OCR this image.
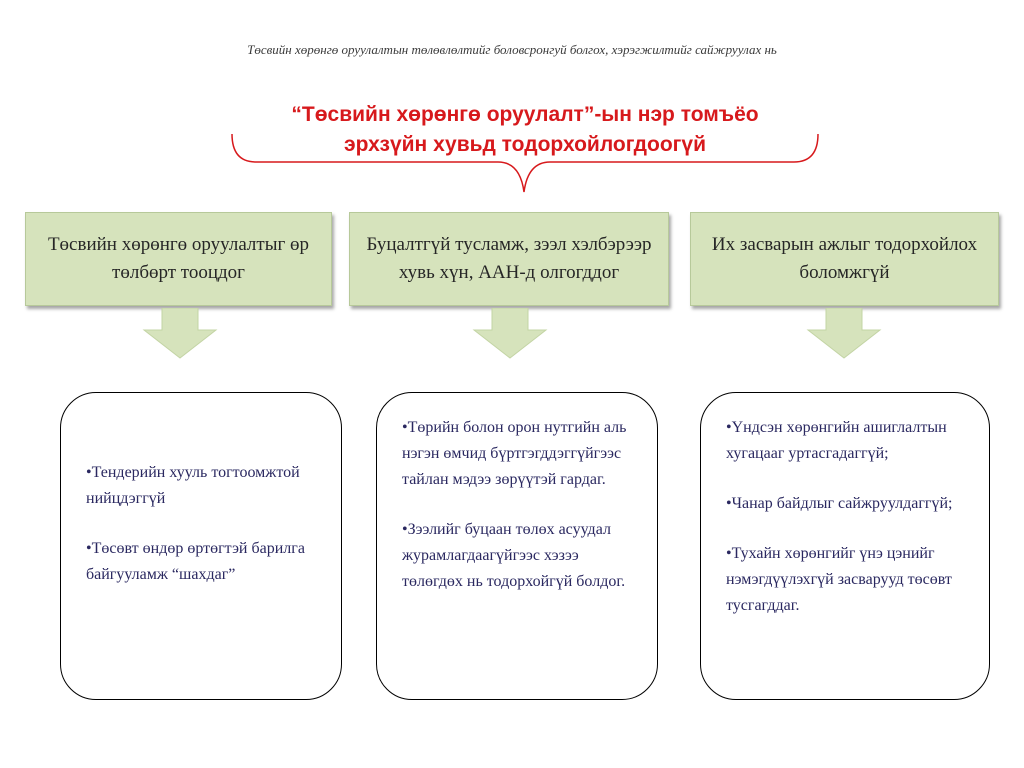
Төсвийн хөрөнгө оруулалтын төлөвлөлтийг боловсронгуй болгох, хэрэгжилтийг сайжруулах нь
“Төсвийн хөрөнгө оруулалт”-ын нэр томъёо
эрхзүйн хувьд тодорхойлогдоогүй
Төсвийн хөрөнгө оруулалтыг өр төлбөрт тооцдог
Буцалтгүй тусламж, зээл хэлбэрээр хувь хүн, ААН-д олгогддог
Их засварын ажлыг тодорхойлох боломжгүй

•Тендерийн хууль тогтоомжтой нийцдэггүй

•Төсөвт өндөр өртөгтэй барилга байгууламж “шахдаг”

•Төрийн болон орон нутгийн аль нэгэн өмчид бүртгэгддэггүйгээс тайлан мэдээ зөрүүтэй гардаг.

•Зээлийг буцаан төлөх асуудал журамлагдаагүйгээс хэзээ төлөгдөх нь тодорхойгүй болдог.

•Үндсэн хөрөнгийн ашиглалтын хугацааг уртасгадаггүй;

•Чанар байдлыг сайжруулдаггүй;

•Тухайн хөрөнгийг үнэ цэнийг нэмэгдүүлэхгүй засварууд төсөвт тусгагддаг.
